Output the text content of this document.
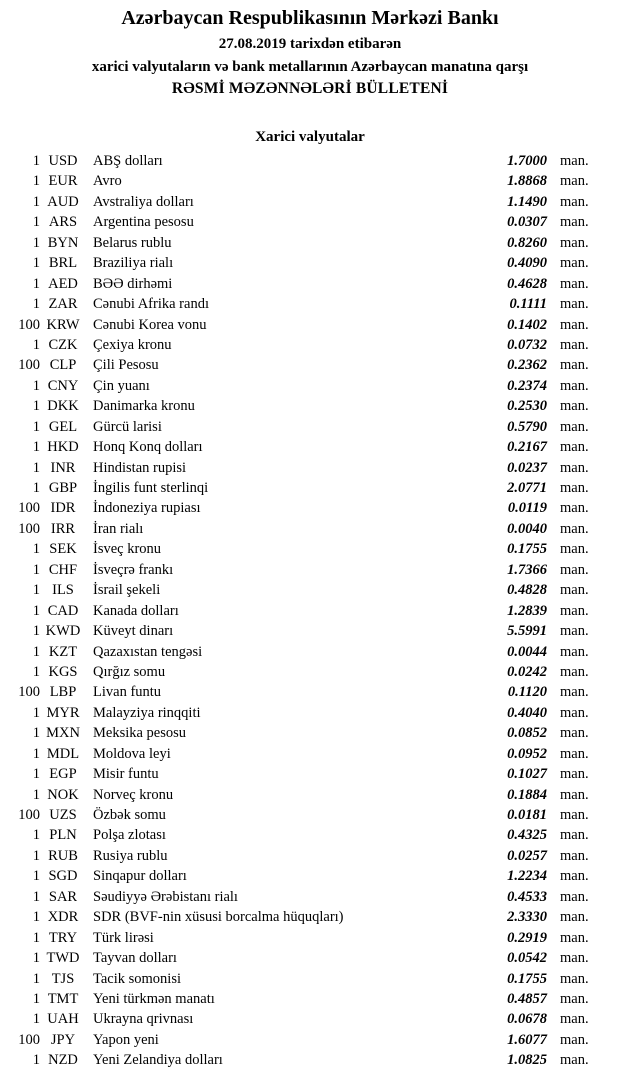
Azərbaycan Respublikasının Mərkəzi Bankı
27.08.2019 tarixdən etibarən
xarici valyutaların və bank metallarının Azərbaycan manatına qarşı
RƏSMİ MƏZƏNNƏLƏRİ BÜLLETENİ
Xarici valyutalar
1 USD	ABŞ dolları	1.7000 man.
1 EUR	Avro	1.8868 man.
1 AUD Avstraliya dolları	1.1490 man.
1 ARS	Argentina pesosu	0.0307 man.
1 BYN	Belarus rublu	0.8260 man.
1 BRL	Braziliya rialı	0.4090 man.
1 AED	BƏƏ dirhəmi	0.4628 man.
1 ZAR	Cənubi Afrika randı	0.1111 man.
100 KRW Cənubi Korea vonu	0.1402 man.
1 CZK	Çexiya kronu	0.0732 man.
100 CLP	Çili Pesosu	0.2362 man.
1 CNY	Çin yuanı	0.2374 man.
1 DKK Danimarka kronu	0.2530 man.
1 GEL	Gürcü larisi	0.5790 man.
1 HKD Honq Konq dolları	0.2167 man.
1 INR	Hindistan rupisi	0.0237 man.
1 GBP	İngilis funt sterlinqi	2.0771 man.
100 IDR	İndoneziya rupiası	0.0119 man.
100 IRR	İran rialı	0.0040 man.
1 SEK	İsveç kronu	0.1755 man.
1 CHF	İsveçrə frankı	1.7366 man.
1 ILS	İsrail şekeli	0.4828 man.
1 CAD	Kanada dolları	1.2839 man.
1 KWD Küveyt dinarı	5.5991 man.
1 KZT	Qazaxıstan tengəsi	0.0044 man.
1 KGS	Qırğız somu	0.0242 man.
100 LBP	Livan funtu	0.1120 man.
1 MYR Malayziya rinqqiti	0.4040 man.
1 MXN Meksika pesosu	0.0852 man.
1 MDL Moldova leyi	0.0952 man.
1 EGP	Misir funtu	0.1027 man.
1 NOK Norveç kronu	0.1884 man.
100 UZS	Özbək somu	0.0181 man.
1 PLN	Polşa zlotası	0.4325 man.
1 RUB	Rusiya rublu	0.0257 man.
1 SGD	Sinqapur dolları	1.2234 man.
1 SAR	Səudiyyə Ərəbistanı rialı	0.4533 man.
1 XDR	SDR (BVF-nin xüsusi borcalma hüquqları)	2.3330 man.
1 TRY	Türk lirəsi	0.2919 man.
1 TWD Tayvan dolları	0.0542 man.
1 TJS	Tacik somonisi	0.1755 man.
1 TMT	Yeni türkmən manatı	0.4857 man.
1 UAH Ukrayna qrivnası	0.0678 man.
100 JPY	Yapon yeni	1.6077 man.
1 NZD	Yeni Zelandiya dolları	1.0825 man.
